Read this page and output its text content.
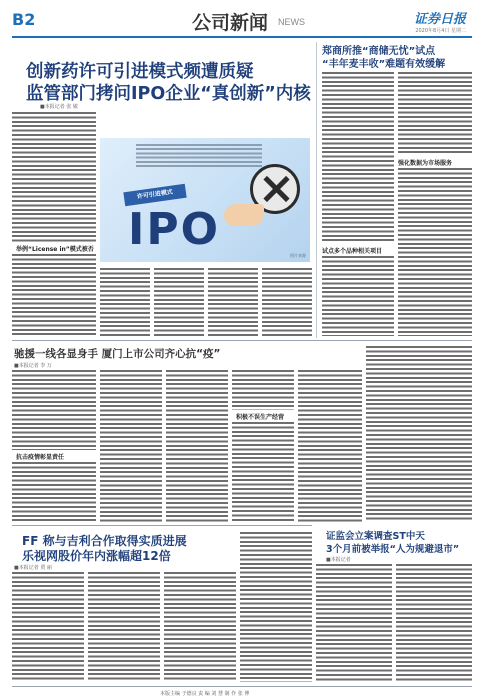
B2	公司新闻 NEWS	证券日报
2020年8月4日 星期二
创新药许可引进模式频遭质疑
监管部门拷问IPO企业“真创新”内核
■本报记者 张 敏
举例“License in”模式被否
许可引进模式
IPO
图片来源
郑商所推“商储无忧”试点
“丰年麦丰收”难题有效缓解
试点多个品种相关项目
强化数据为市场服务
驰援一线各显身手 厦门上市公司齐心抗“疫”
■本报记者 李 万
抗击疫情彰显责任
积极不误生产经营
FF 称与吉利合作取得实质进展
乐视网股价年内涨幅超12倍
■本报记者 贾 丽
证监会立案调查ST中天
3个月前被举报“人为规避退市”
■本报记者
本版主编 于德良 责 编 刘 慧 制 作 张 博
